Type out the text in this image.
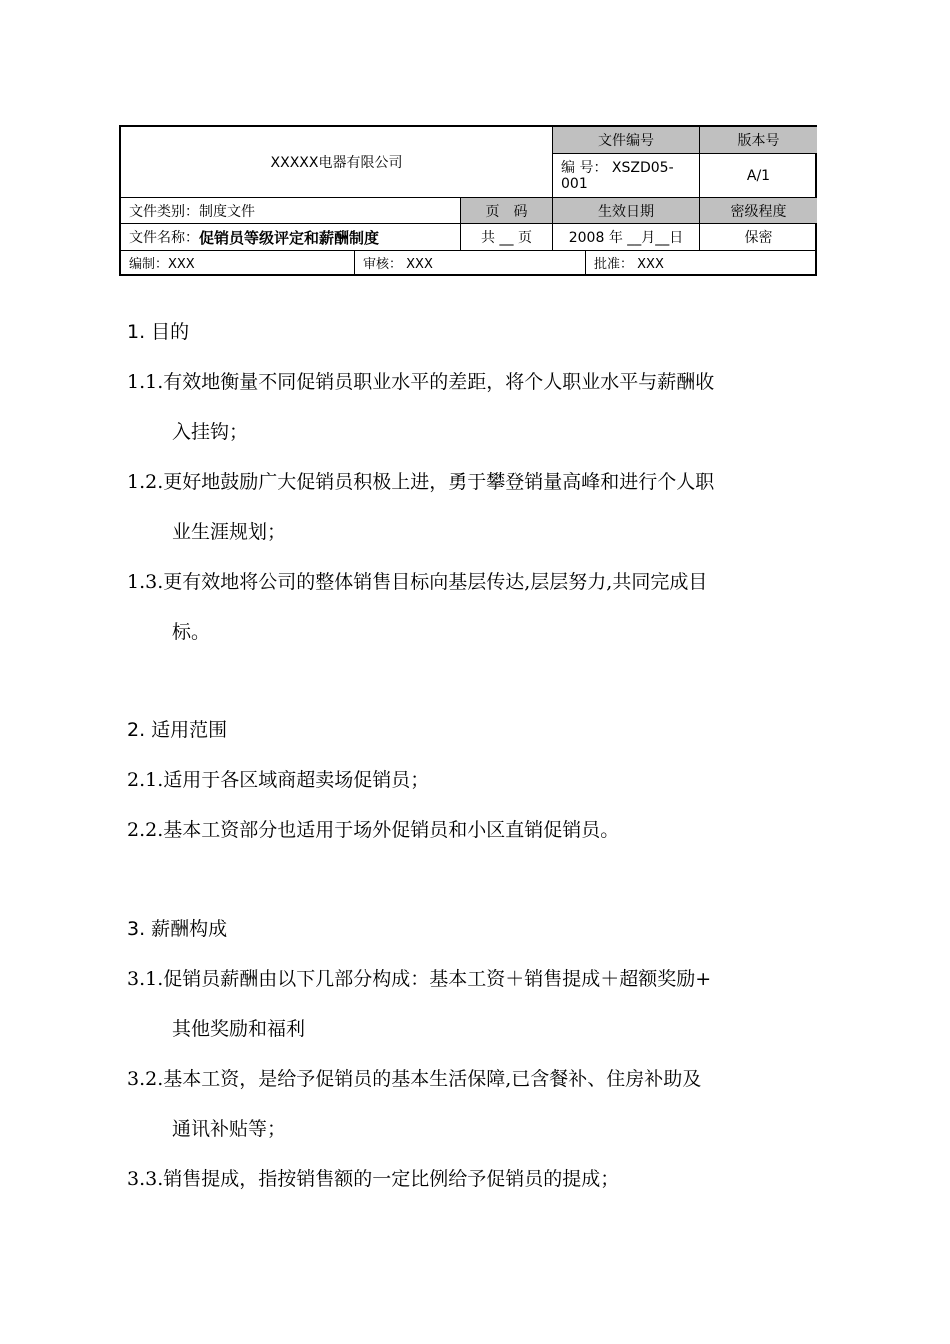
XXXXX电器有限公司
文件编号	版本号
编 号： XSZD05-
001	A/1
文件类别：制度文件	页　码	生效日期	密级程度
文件名称： 促销员等级评定和薪酬制度	共 __ 页	2008 年 __月__日	保密
编制：XXX	审核： XXX	批准： XXX
1. 目的
1.1.有效地衡量不同促销员职业水平的差距，将个人职业水平与薪酬收
入挂钩；
1.2.更好地鼓励广大促销员积极上进，勇于攀登销量高峰和进行个人职
业生涯规划；
1.3.更有效地将公司的整体销售目标向基层传达,层层努力,共同完成目
标。
2. 适用范围
2.1.适用于各区域商超卖场促销员；
2.2.基本工资部分也适用于场外促销员和小区直销促销员。
3. 薪酬构成
3.1.促销员薪酬由以下几部分构成：基本工资＋销售提成＋超额奖励+
其他奖励和福利
3.2.基本工资，是给予促销员的基本生活保障,已含餐补、住房补助及
通讯补贴等；
3.3.销售提成，指按销售额的一定比例给予促销员的提成；
